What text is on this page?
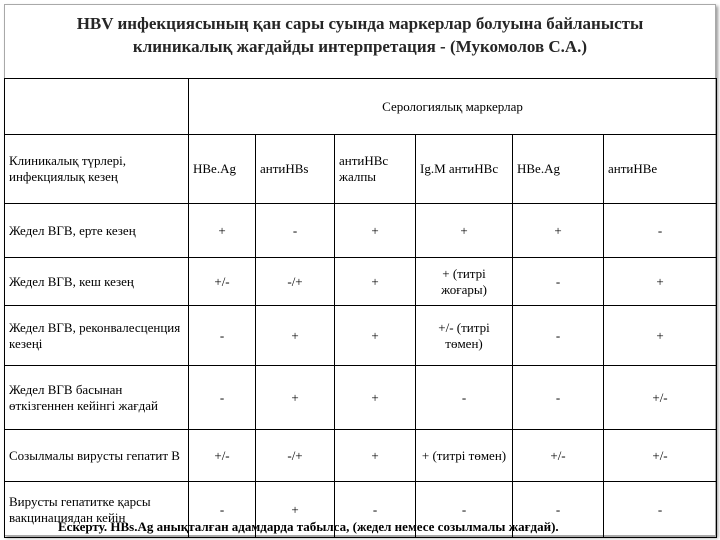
HBV инфекциясының қан сары суында маркерлар болуына байланысты
клиникалық жағдайды интерпретация - (Мукомолов С.А.)
	Серологиялық маркерлар					
Клиникалық түрлері, инфекциялық кезең	HBe.Ag	антиHBs	антиHBc жалпы	Ig.M антиHBc	HBe.Ag	антиHBe
Жедел ВГВ, ерте кезең	+	-	+	+	+	-
Жедел ВГВ, кеш кезең	+/-	-/+	+	+ (титрі жоғары)	-	+
Жедел ВГВ, реконвалесценция кезеңі	-	+	+	+/- (титрі төмен)	-	+
Жедел ВГВ басынан өткізгеннен кейінгі жағдай	-	+	+	-	-	+/-
Созылмалы вирусты гепатит В	+/-	-/+	+	+ (титрі төмен)	+/-	+/-
Вирусты гепатитке қарсы вакцинациядан кейін	-	+	-	-	-	-
Ескерту. HBs.Ag анықталған адамдарда табылса, (жедел немесе созылмалы жағдай).
